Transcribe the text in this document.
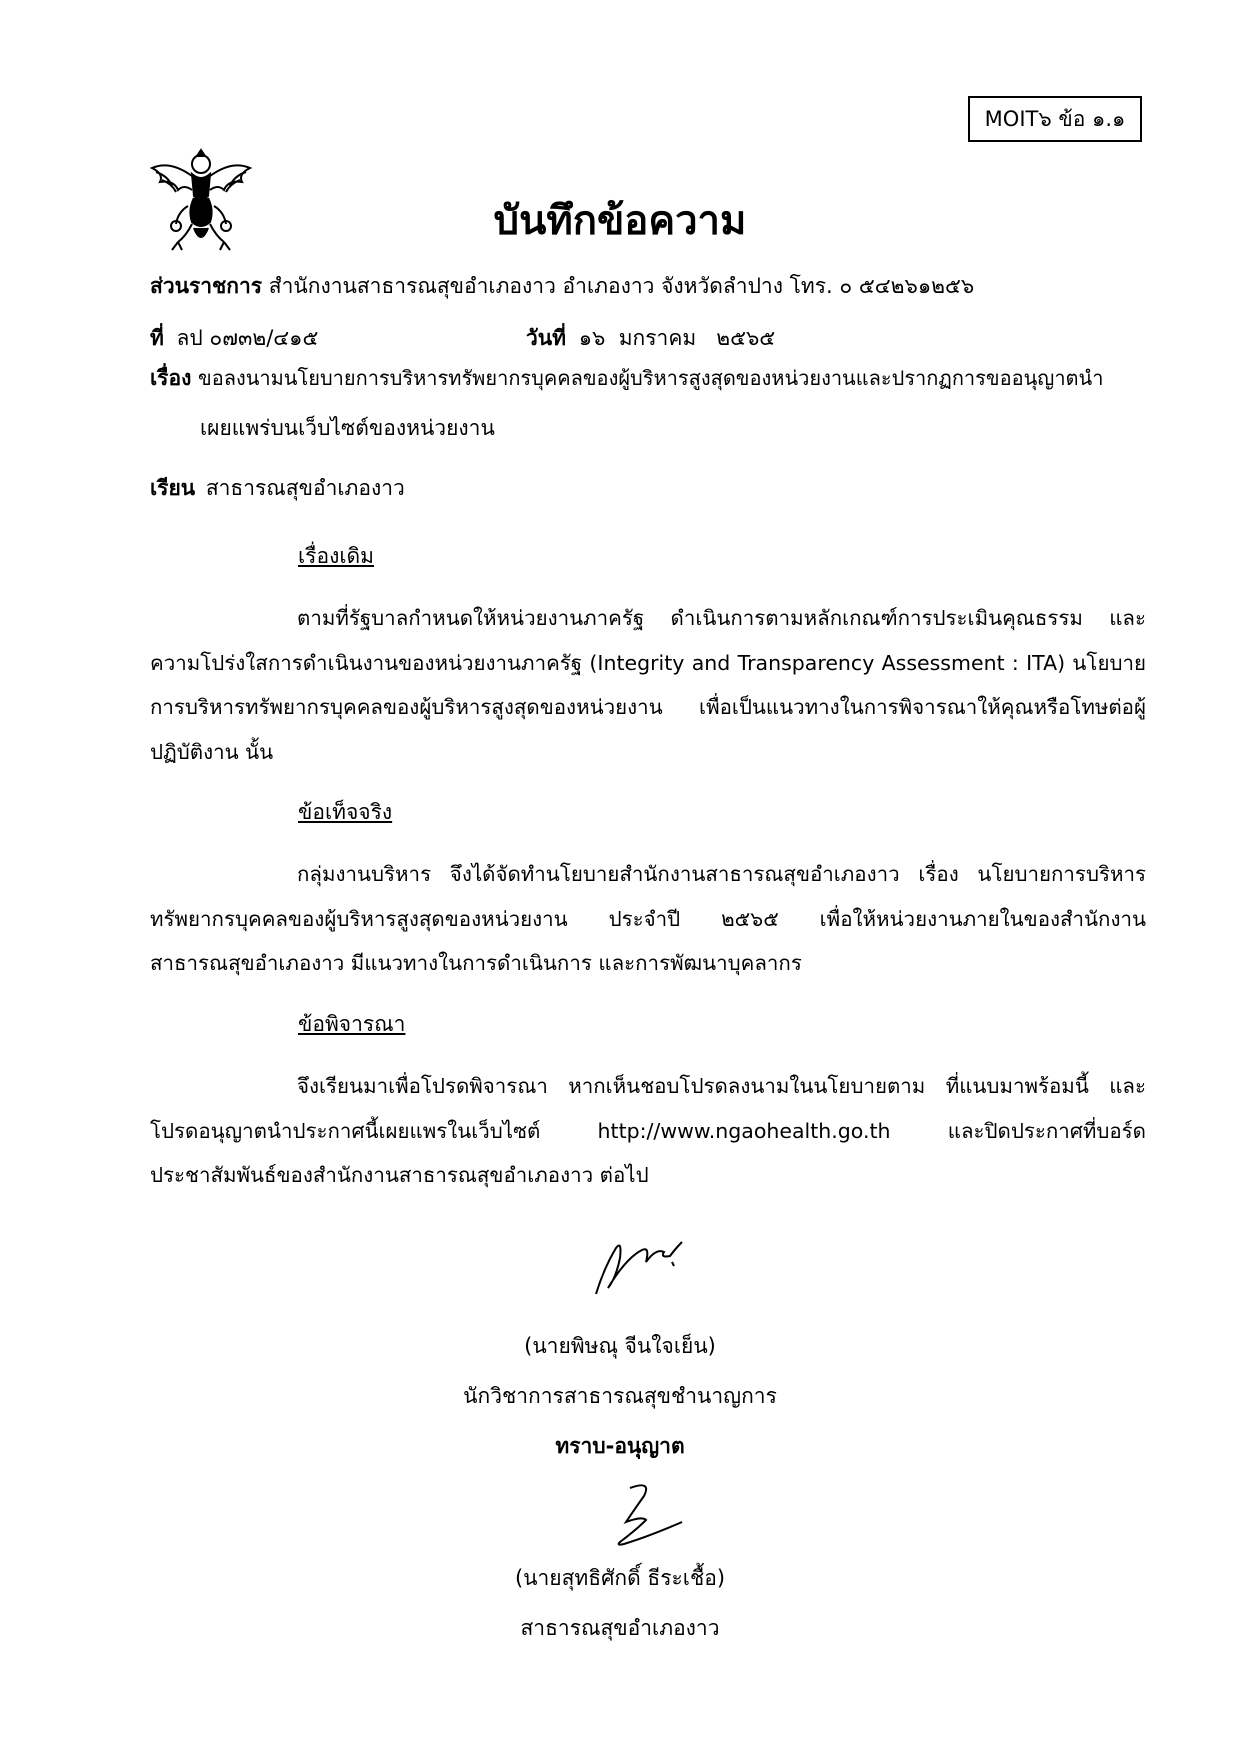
MOIT๖ ข้อ ๑.๑
บันทึกข้อความ
ส่วนราชการ สำนักงานสาธารณสุขอำเภองาว อำเภองาว จังหวัดลำปาง โทร. ๐ ๕๔๒๖๑๒๕๖
ที่ ลป ๐๗๓๒/๔๑๕	วันที่ ๑๖  มกราคม   ๒๕๖๕
เรื่อง ขอลงนามนโยบายการบริหารทรัพยากรบุคคลของผู้บริหารสูงสุดของหน่วยงานและปรากฏการขออนุญาตนำ
เผยแพร่บนเว็บไซต์ของหน่วยงาน
เรียน สาธารณสุขอำเภองาว
เรื่องเดิม
ตามที่รัฐบาลกำหนดให้หน่วยงานภาครัฐ ดำเนินการตามหลักเกณฑ์การประเมินคุณธรรม และความโปร่งใสการดำเนินงานของหน่วยงานภาครัฐ (Integrity and Transparency Assessment : ITA) นโยบายการบริหารทรัพยากรบุคคลของผู้บริหารสูงสุดของหน่วยงาน เพื่อเป็นแนวทางในการพิจารณาให้คุณหรือโทษต่อผู้ปฏิบัติงาน นั้น
ข้อเท็จจริง
กลุ่มงานบริหาร จึงได้จัดทำนโยบายสำนักงานสาธารณสุขอำเภองาว เรื่อง นโยบายการบริหารทรัพยากรบุคคลของผู้บริหารสูงสุดของหน่วยงาน ประจำปี ๒๕๖๕ เพื่อให้หน่วยงานภายในของสำนักงานสาธารณสุขอำเภองาว มีแนวทางในการดำเนินการ และการพัฒนาบุคลากร
ข้อพิจารณา
จึงเรียนมาเพื่อโปรดพิจารณา หากเห็นชอบโปรดลงนามในนโยบายตาม ที่แนบมาพร้อมนี้ และโปรดอนุญาตนำประกาศนี้เผยแพรในเว็บไซต์ http://www.ngaohealth.go.th และปิดประกาศที่บอร์ดประชาสัมพันธ์ของสำนักงานสาธารณสุขอำเภองาว ต่อไป
(นายพิษณุ จีนใจเย็น)
นักวิชาการสาธารณสุขชำนาญการ
ทราบ-อนุญาต
(นายสุทธิศักดิ์ ธีระเชื้อ)
สาธารณสุขอำเภองาว
